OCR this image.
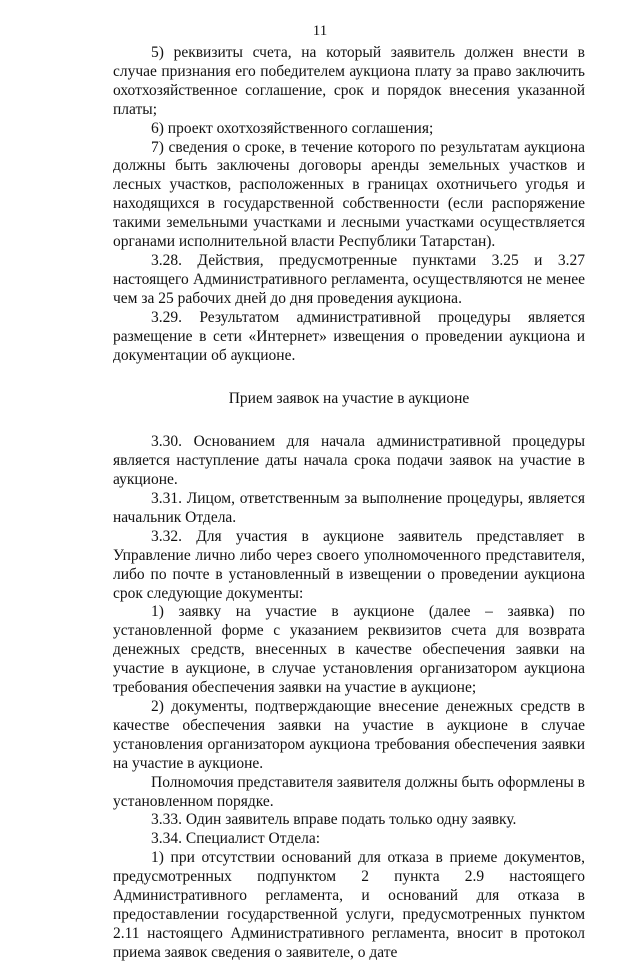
11

5) реквизиты счета, на который заявитель должен внести в случае признания его победителем аукциона плату за право заключить охотхозяйственное соглашение, срок и порядок внесения указанной платы;

6) проект охотхозяйственного соглашения;

7) сведения о сроке, в течение которого по результатам аукциона должны быть заключены договоры аренды земельных участков и лесных участков, расположенных в границах охотничьего угодья и находящихся в государственной собственности (если распоряжение такими земельными участками и лесными участками осуществляется органами исполнительной власти Республики Татарстан).

3.28. Действия, предусмотренные пунктами 3.25 и 3.27 настоящего Административного регламента, осуществляются не менее чем за 25 рабочих дней до дня проведения аукциона.

3.29. Результатом административной процедуры является размещение в сети «Интернет» извещения о проведении аукциона и документации об аукционе.

Прием заявок на участие в аукционе

3.30. Основанием для начала административной процедуры является наступление даты начала срока подачи заявок на участие в аукционе.

3.31. Лицом, ответственным за выполнение процедуры, является начальник Отдела.

3.32. Для участия в аукционе заявитель представляет в Управление лично либо через своего уполномоченного представителя, либо по почте в установленный в извещении о проведении аукциона срок следующие документы:

1) заявку на участие в аукционе (далее – заявка) по установленной форме с указанием реквизитов счета для возврата денежных средств, внесенных в качестве обеспечения заявки на участие в аукционе, в случае установления организатором аукциона требования обеспечения заявки на участие в аукционе;

2) документы, подтверждающие внесение денежных средств в качестве обеспечения заявки на участие в аукционе в случае установления организатором аукциона требования обеспечения заявки на участие в аукционе.

Полномочия представителя заявителя должны быть оформлены в установленном порядке.

3.33. Один заявитель вправе подать только одну заявку.

3.34. Специалист Отдела:

1) при отсутствии оснований для отказа в приеме документов, предусмотренных подпунктом 2 пункта 2.9 настоящего Административного регламента, и оснований для отказа в предоставлении государственной услуги, предусмотренных пунктом 2.11 настоящего Административного регламента, вносит в протокол приема заявок сведения о заявителе, о дате
